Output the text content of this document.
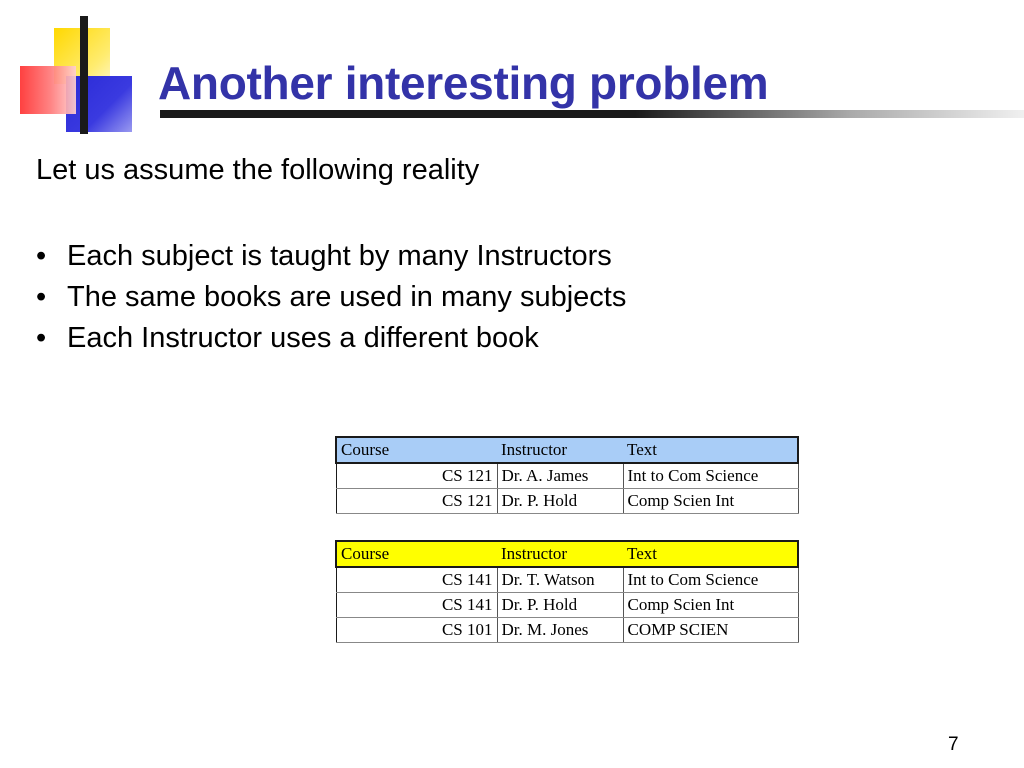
Another interesting problem
Let us assume the following reality
• Each subject is taught by many Instructors
• The same books are used in many subjects
• Each Instructor uses a different book
Course	Instructor	Text
CS 121	Dr. A. James	Int to Com Science
CS 121	Dr. P. Hold	Comp Scien Int
Course	Instructor	Text
CS 141	Dr. T. Watson	Int to Com Science
CS 141	Dr. P. Hold	Comp Scien Int
CS 101	Dr. M. Jones	COMP SCIEN
7
